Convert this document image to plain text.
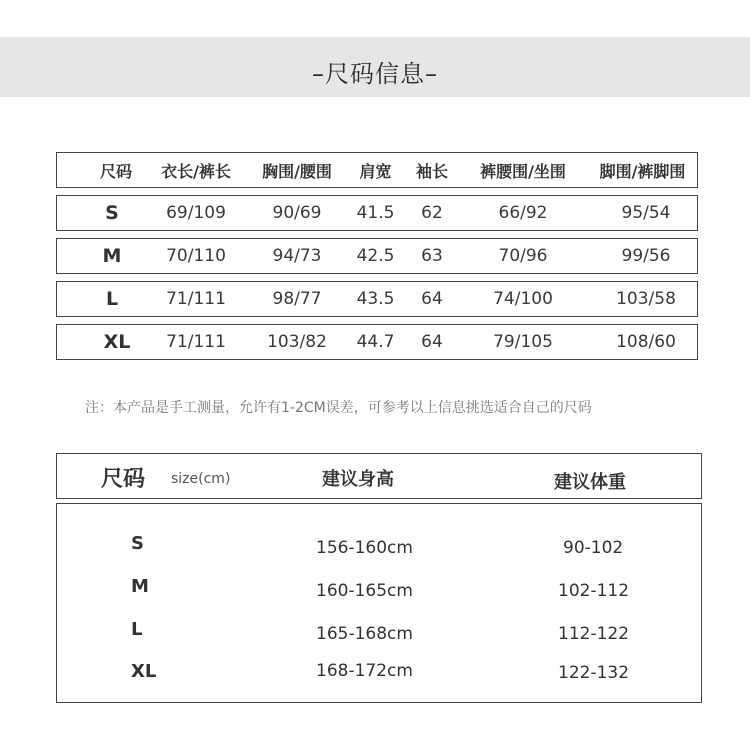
–尺码信息–
尺码	衣长/裤长	胸围/腰围	肩宽	袖长	裤腰围/坐围	脚围/裤脚围
S	69/109	90/69	41.5	62	66/92	95/54
M	70/110	94/73	42.5	63	70/96	99/56
L	71/111	98/77	43.5	64	74/100	103/58
XL	71/111	103/82	44.7	64	79/105	108/60
注：本产品是手工测量，允许有1-2CM误差，可参考以上信息挑选适合自己的尺码
尺码 size(cm)	建议身高	建议体重
S	156-160cm	90-102
M	160-165cm	102-112
L	165-168cm	112-122
XL	168-172cm	122-132
